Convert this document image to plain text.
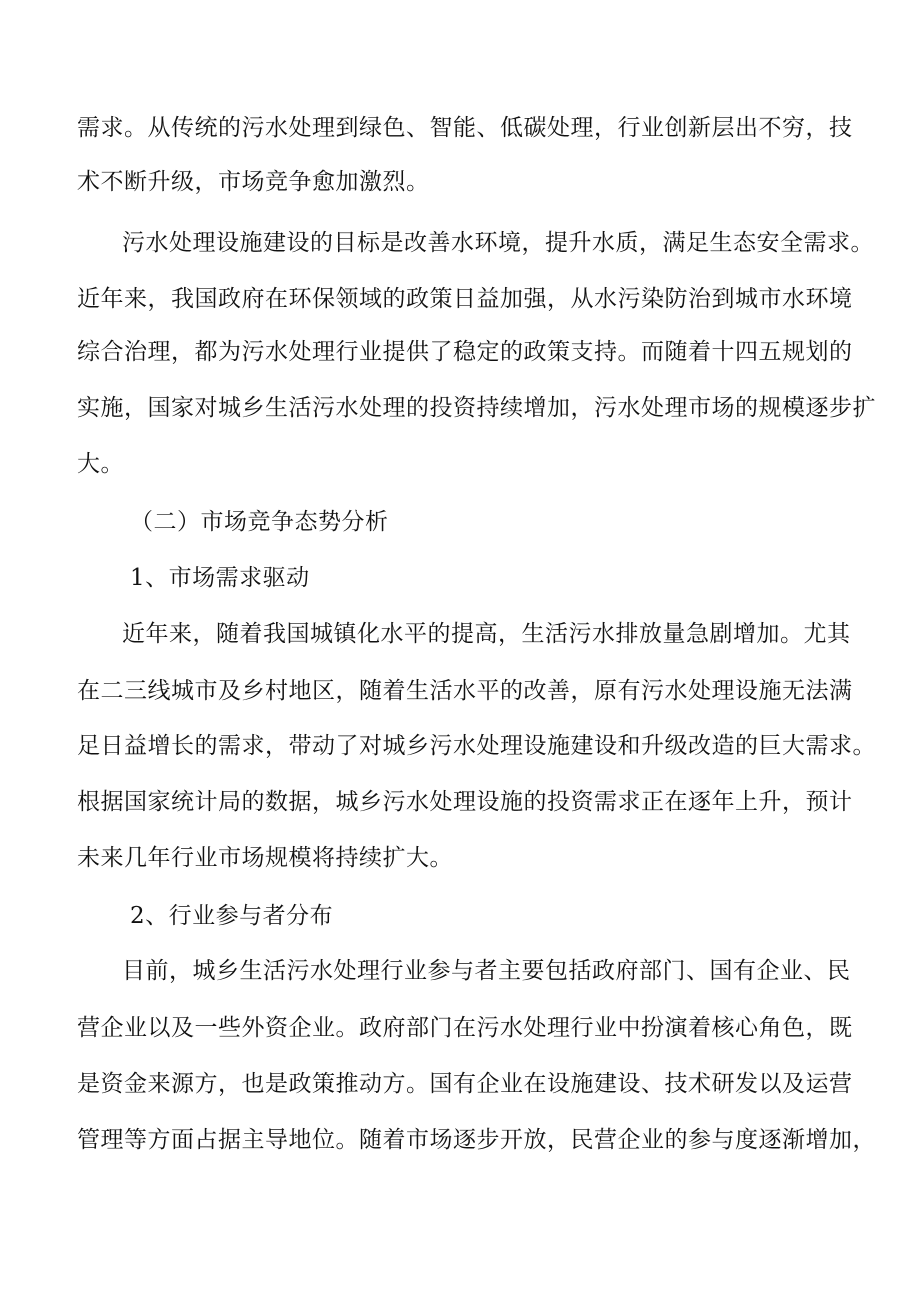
需求。从传统的污水处理到绿色、智能、低碳处理，行业创新层出不穷，技
术不断升级，市场竞争愈加激烈。
污水处理设施建设的目标是改善水环境，提升水质，满足生态安全需求。
近年来，我国政府在环保领域的政策日益加强，从水污染防治到城市水环境
综合治理，都为污水处理行业提供了稳定的政策支持。而随着十四五规划的
实施，国家对城乡生活污水处理的投资持续增加，污水处理市场的规模逐步扩
大。
（二）市场竞争态势分析
1、市场需求驱动
近年来，随着我国城镇化水平的提高，生活污水排放量急剧增加。尤其
在二三线城市及乡村地区，随着生活水平的改善，原有污水处理设施无法满
足日益增长的需求，带动了对城乡污水处理设施建设和升级改造的巨大需求。
根据国家统计局的数据，城乡污水处理设施的投资需求正在逐年上升，预计
未来几年行业市场规模将持续扩大。
2、行业参与者分布
目前，城乡生活污水处理行业参与者主要包括政府部门、国有企业、民
营企业以及一些外资企业。政府部门在污水处理行业中扮演着核心角色，既
是资金来源方，也是政策推动方。国有企业在设施建设、技术研发以及运营
管理等方面占据主导地位。随着市场逐步开放，民营企业的参与度逐渐增加，
